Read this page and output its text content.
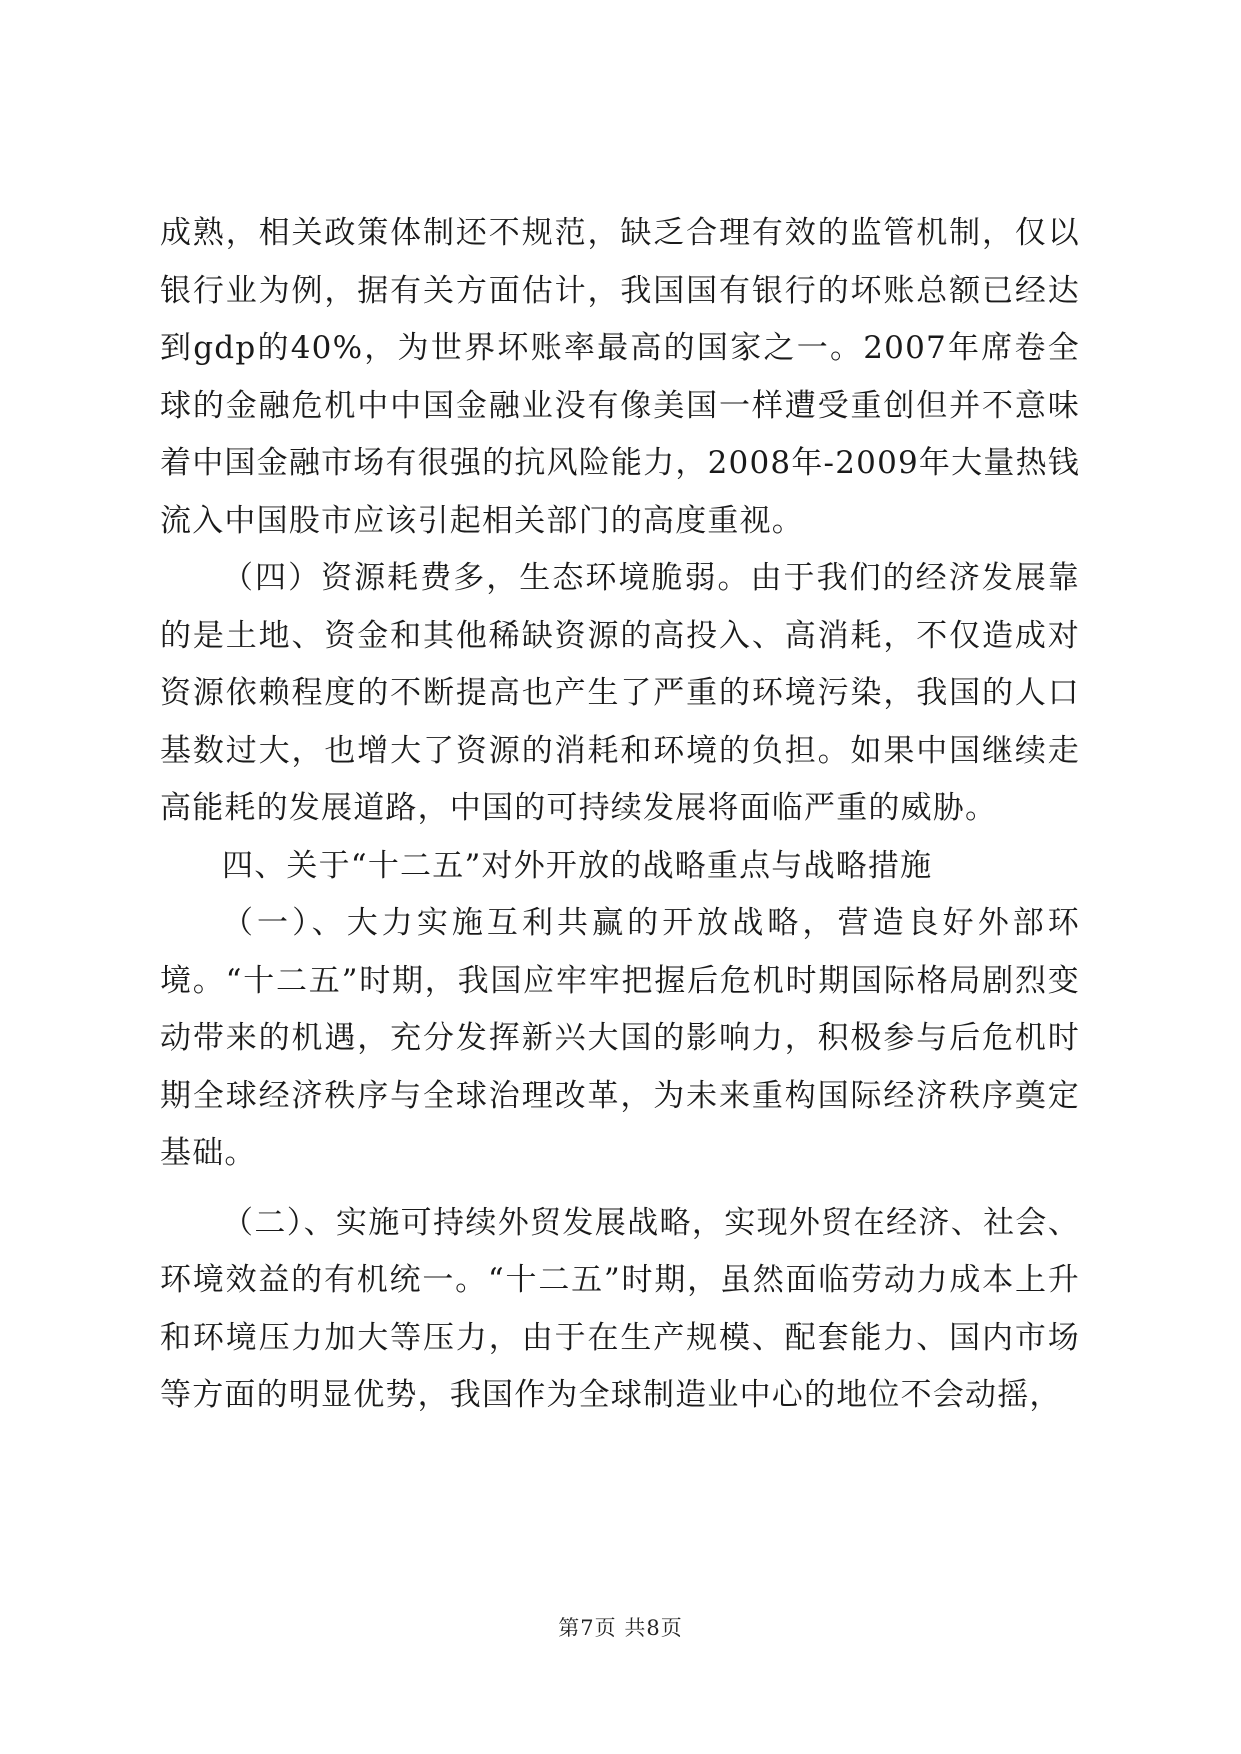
成熟，相关政策体制还不规范，缺乏合理有效的监管机制，仅以银行业为例，据有关方面估计，我国国有银行的坏账总额已经达到gdp的40%，为世界坏账率最高的国家之一。2007年席卷全球的金融危机中中国金融业没有像美国一样遭受重创但并不意味着中国金融市场有很强的抗风险能力，2008年-2009年大量热钱流入中国股市应该引起相关部门的高度重视。

（四）资源耗费多，生态环境脆弱。由于我们的经济发展靠的是土地、资金和其他稀缺资源的高投入、高消耗，不仅造成对资源依赖程度的不断提高也产生了严重的环境污染，我国的人口基数过大，也增大了资源的消耗和环境的负担。如果中国继续走高能耗的发展道路，中国的可持续发展将面临严重的威胁。

四、关于“十二五”对外开放的战略重点与战略措施

（一）、大力实施互利共赢的开放战略，营造良好外部环境。“十二五”时期，我国应牢牢把握后危机时期国际格局剧烈变动带来的机遇，充分发挥新兴大国的影响力，积极参与后危机时期全球经济秩序与全球治理改革，为未来重构国际经济秩序奠定基础。

（二）、实施可持续外贸发展战略，实现外贸在经济、社会、环境效益的有机统一。“十二五”时期，虽然面临劳动力成本上升和环境压力加大等压力，由于在生产规模、配套能力、国内市场等方面的明显优势，我国作为全球制造业中心的地位不会动摇，

第7页 共8页
